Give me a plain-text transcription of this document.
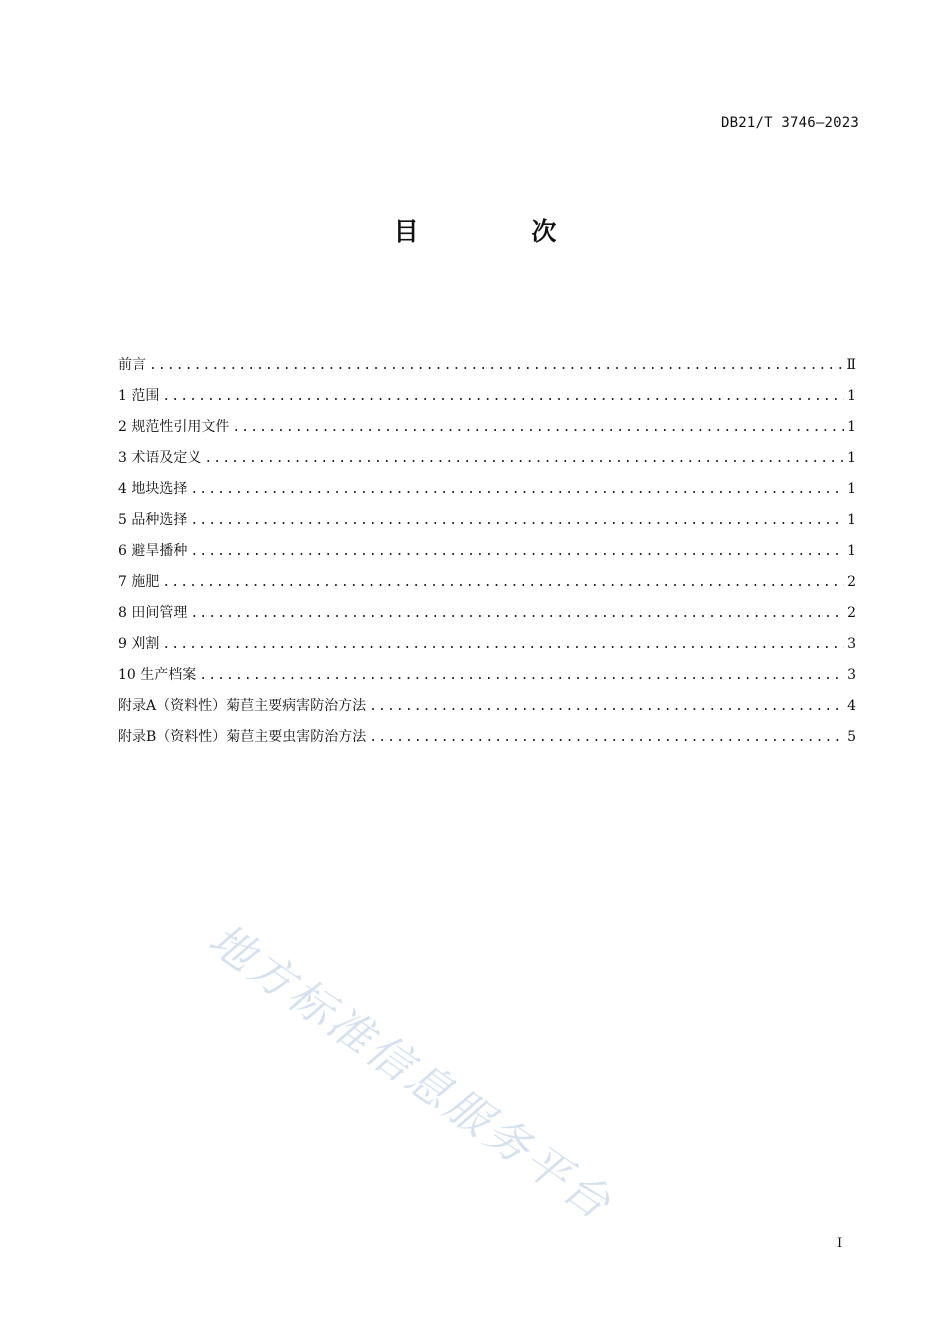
DB21/T 3746—2023
目 次
前言 .....	Ⅱ
1 范围 .....	1
2 规范性引用文件 .....	1
3 术语及定义 .....	1
4 地块选择 .....	1
5 品种选择 .....	1
6 避旱播种 .....	1
7 施肥 .....	2
8 田间管理 .....	2
9 刈割 .....	3
10 生产档案 .....	3
附录A（资料性）菊苣主要病害防治方法 .....	4
附录B（资料性）菊苣主要虫害防治方法 .....	5
地方标准信息服务平台
I
